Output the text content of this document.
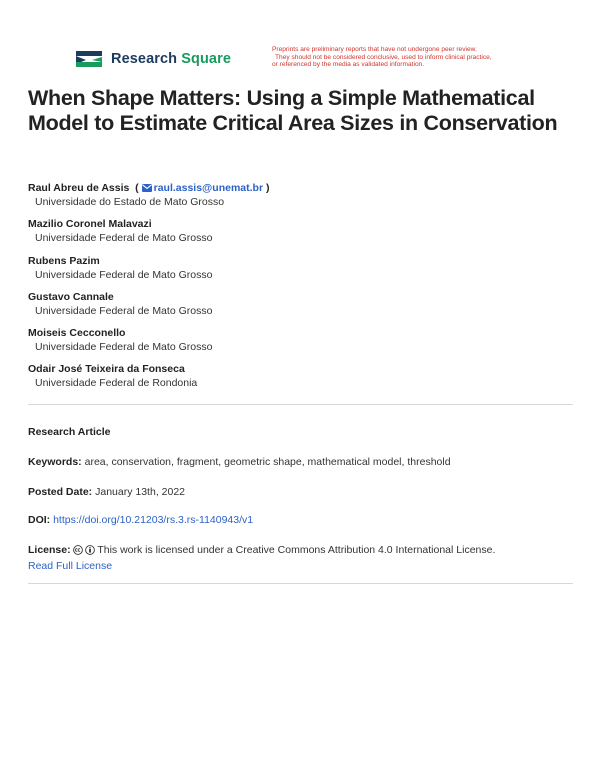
Research Square

Preprints are preliminary reports that have not undergone peer review.

They should not be considered conclusive, used to inform clinical practice,

or referenced by the media as validated information.

When Shape Matters: Using a Simple Mathematical Model to Estimate Critical Area Sizes in Conservation
Raul Abreu de Assis  ( raul.assis@unemat.br )
Universidade do Estado de Mato Grosso
Mazilio Coronel Malavazi
Universidade Federal de Mato Grosso
Rubens Pazim
Universidade Federal de Mato Grosso
Gustavo Cannale
Universidade Federal de Mato Grosso
Moiseis Cecconello
Universidade Federal de Mato Grosso
Odair José Teixeira da Fonseca
Universidade Federal de Rondonia
Research Article
Keywords: area, conservation, fragment, geometric shape, mathematical model, threshold
Posted Date: January 13th, 2022
DOI: https://doi.org/10.21203/rs.3.rs-1140943/v1
License:	This work is licensed under a Creative Commons Attribution 4.0 International License.
Read Full License
